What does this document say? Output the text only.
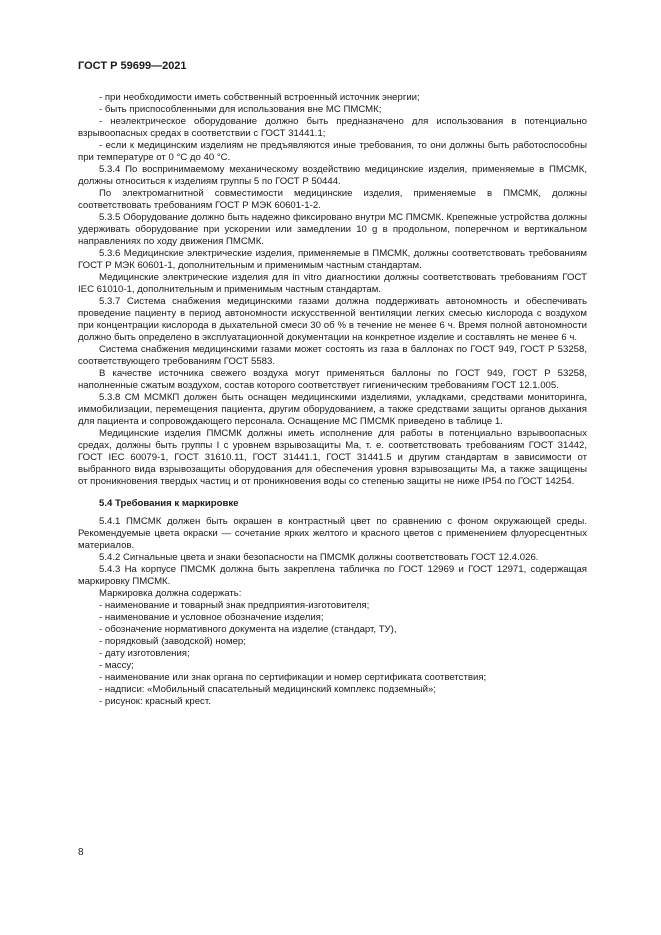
ГОСТ Р 59699—2021

- при необходимости иметь собственный встроенный источник энергии;

- быть приспособленными для использования вне МС ПМСМК;

- неэлектрическое оборудование должно быть предназначено для использования в потенциально взрывоопасных средах в соответствии с ГОСТ 31441.1;

- если к медицинским изделиям не предъявляются иные требования, то они должны быть работоспособны при температуре от 0 °С до 40 °С.

5.3.4 По воспринимаемому механическому воздействию медицинские изделия, применяемые в ПМСМК, должны относиться к изделиям группы 5 по ГОСТ Р 50444.

По электромагнитной совместимости медицинские изделия, применяемые в ПМСМК, должны соответствовать требованиям ГОСТ Р МЭК 60601-1-2.

5.3.5 Оборудование должно быть надежно фиксировано внутри МС ПМСМК. Крепежные устройства должны удерживать оборудование при ускорении или замедлении 10 g в продольном, поперечном и вертикальном направлениях по ходу движения ПМСМК.

5.3.6 Медицинские электрические изделия, применяемые в ПМСМК, должны соответствовать требованиям ГОСТ Р МЭК 60601-1, дополнительным и применимым частным стандартам.

Медицинские электрические изделия для in vitro диагностики должны соответствовать требованиям ГОСТ IEC 61010-1, дополнительным и применимым частным стандартам.

5.3.7 Система снабжения медицинскими газами должна поддерживать автономность и обеспечивать проведение пациенту в период автономности искусственной вентиляции легких смесью кислорода с воздухом при концентрации кислорода в дыхательной смеси 30 об % в течение не менее 6 ч. Время полной автономности должно быть определено в эксплуатационной документации на конкретное изделие и составлять не менее 6 ч.

Система снабжения медицинскими газами может состоять из газа в баллонах по ГОСТ 949, ГОСТ Р 53258, соответствующего требованиям ГОСТ 5583.

В качестве источника свежего воздуха могут применяться баллоны по ГОСТ 949, ГОСТ Р 53258, наполненные сжатым воздухом, состав которого соответствует гигиеническим требованиям ГОСТ 12.1.005.

5.3.8 СМ МСМКП должен быть оснащен медицинскими изделиями, укладками, средствами мониторинга, иммобилизации, перемещения пациента, другим оборудованием, а также средствами защиты органов дыхания для пациента и сопровождающего персонала. Оснащение МС ПМСМК приведено в таблице 1.

Медицинские изделия ПМСМК должны иметь исполнение для работы в потенциально взрывоопасных средах, должны быть группы I с уровнем взрывозащиты Ма, т. е. соответствовать требованиям ГОСТ 31442, ГОСТ IEC 60079-1, ГОСТ 31610.11, ГОСТ 31441.1, ГОСТ 31441.5 и другим стандартам в зависимости от выбранного вида взрывозащиты оборудования для обеспечения уровня взрывозащиты Ма, а также защищены от проникновения твердых частиц и от проникновения воды со степенью защиты не ниже IP54 по ГОСТ 14254.

5.4 Требования к маркировке

5.4.1 ПМСМК должен быть окрашен в контрастный цвет по сравнению с фоном окружающей среды. Рекомендуемые цвета окраски — сочетание ярких желтого и красного цветов с применением флуоресцентных материалов.

5.4.2 Сигнальные цвета и знаки безопасности на ПМСМК должны соответствовать ГОСТ 12.4.026.

5.4.3 На корпусе ПМСМК должна быть закреплена табличка по ГОСТ 12969 и ГОСТ 12971, содержащая маркировку ПМСМК.

Маркировка должна содержать:

- наименование и товарный знак предприятия-изготовителя;

- наименование и условное обозначение изделия;

- обозначение нормативного документа на изделие (стандарт, ТУ),

- порядковый (заводской) номер;

- дату изготовления;

- массу;

- наименование или знак органа по сертификации и номер сертификата соответствия;

- надписи: «Мобильный спасательный медицинский комплекс подземный»;

- рисунок: красный крест.

8
